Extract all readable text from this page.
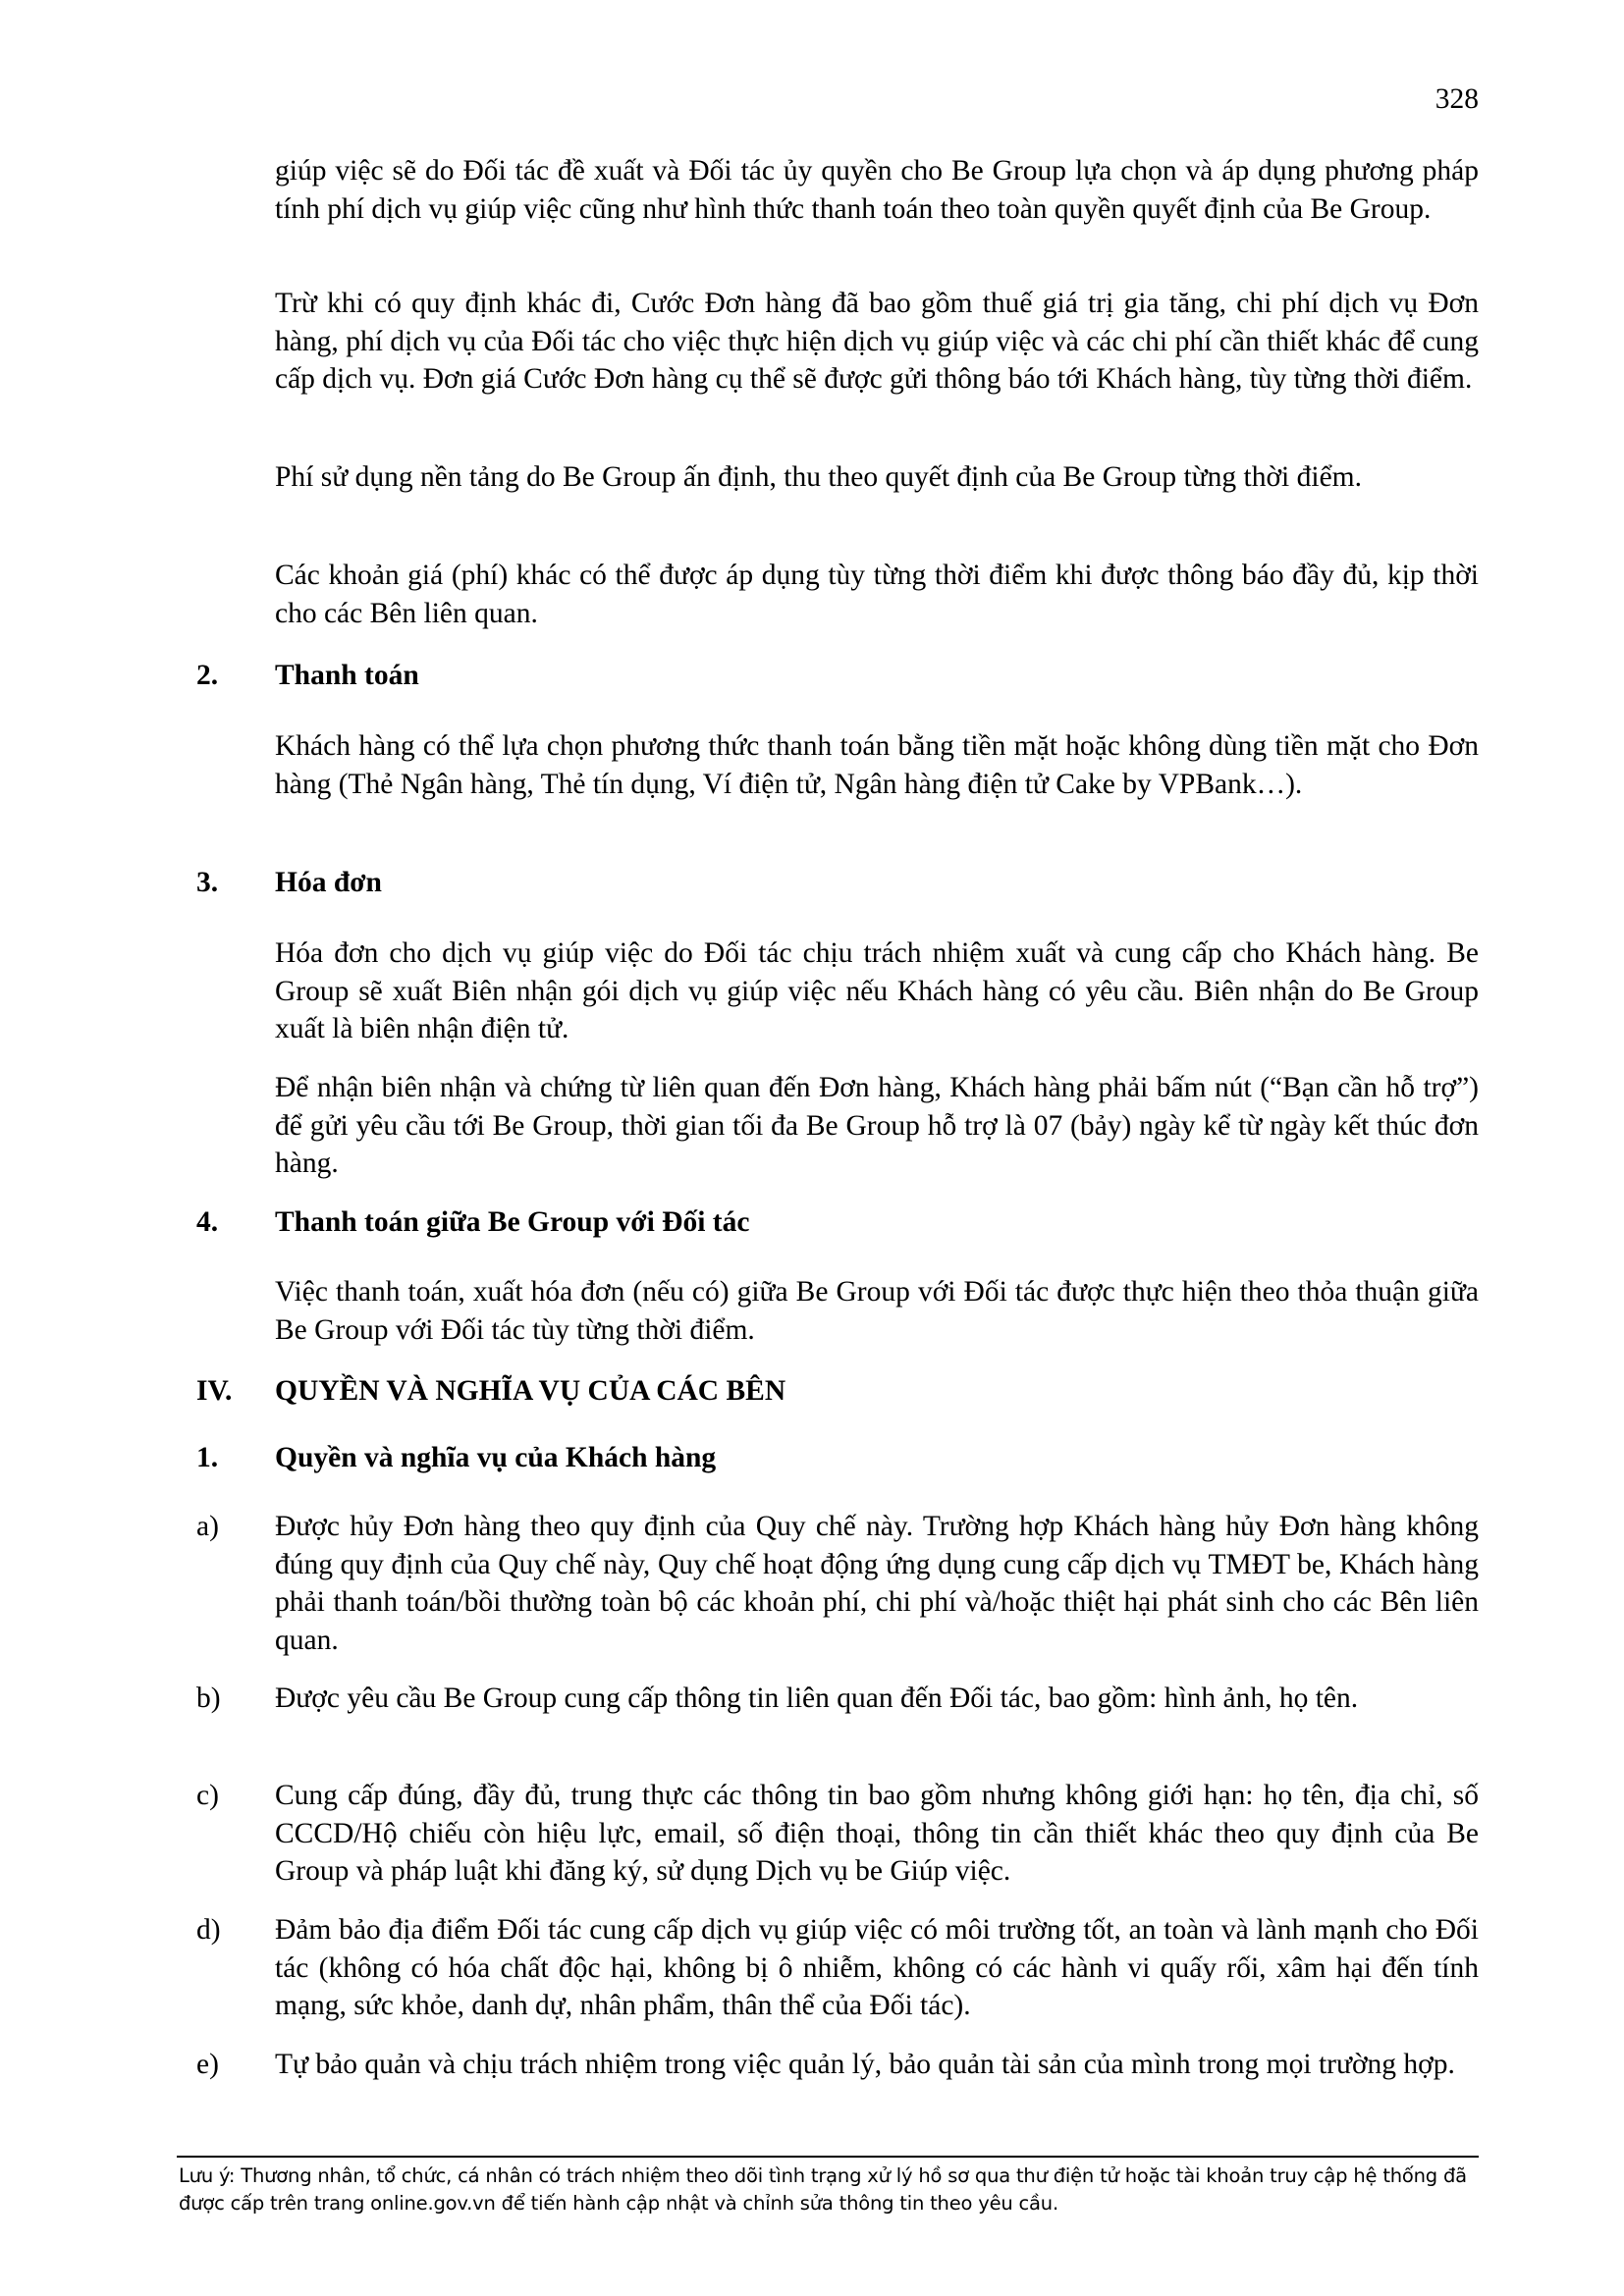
328

giúp việc sẽ do Đối tác đề xuất và Đối tác ủy quyền cho Be Group lựa chọn và áp dụng phương pháp tính phí dịch vụ giúp việc cũng như hình thức thanh toán theo toàn quyền quyết định của Be Group.

Trừ khi có quy định khác đi, Cước Đơn hàng đã bao gồm thuế giá trị gia tăng, chi phí dịch vụ Đơn hàng, phí dịch vụ của Đối tác cho việc thực hiện dịch vụ giúp việc và các chi phí cần thiết khác để cung cấp dịch vụ. Đơn giá Cước Đơn hàng cụ thể sẽ được gửi thông báo tới Khách hàng, tùy từng thời điểm.

Phí sử dụng nền tảng do Be Group ấn định, thu theo quyết định của Be Group từng thời điểm.

Các khoản giá (phí) khác có thể được áp dụng tùy từng thời điểm khi được thông báo đầy đủ, kịp thời cho các Bên liên quan.

2. Thanh toán

Khách hàng có thể lựa chọn phương thức thanh toán bằng tiền mặt hoặc không dùng tiền mặt cho Đơn hàng (Thẻ Ngân hàng, Thẻ tín dụng, Ví điện tử, Ngân hàng điện tử Cake by VPBank…).

3. Hóa đơn

Hóa đơn cho dịch vụ giúp việc do Đối tác chịu trách nhiệm xuất và cung cấp cho Khách hàng. Be Group sẽ xuất Biên nhận gói dịch vụ giúp việc nếu Khách hàng có yêu cầu. Biên nhận do Be Group xuất là biên nhận điện tử.

Để nhận biên nhận và chứng từ liên quan đến Đơn hàng, Khách hàng phải bấm nút (“Bạn cần hỗ trợ”) để gửi yêu cầu tới Be Group, thời gian tối đa Be Group hỗ trợ là 07 (bảy) ngày kể từ ngày kết thúc đơn hàng.

4. Thanh toán giữa Be Group với Đối tác

Việc thanh toán, xuất hóa đơn (nếu có) giữa Be Group với Đối tác được thực hiện theo thỏa thuận giữa Be Group với Đối tác tùy từng thời điểm.

IV. QUYỀN VÀ NGHĨA VỤ CỦA CÁC BÊN
1. Quyền và nghĩa vụ của Khách hàng
a) Được hủy Đơn hàng theo quy định của Quy chế này. Trường hợp Khách hàng hủy Đơn hàng không đúng quy định của Quy chế này, Quy chế hoạt động ứng dụng cung cấp dịch vụ TMĐT be, Khách hàng phải thanh toán/bồi thường toàn bộ các khoản phí, chi phí và/hoặc thiệt hại phát sinh cho các Bên liên quan.
b) Được yêu cầu Be Group cung cấp thông tin liên quan đến Đối tác, bao gồm: hình ảnh, họ tên.
c) Cung cấp đúng, đầy đủ, trung thực các thông tin bao gồm nhưng không giới hạn: họ tên, địa chỉ, số CCCD/Hộ chiếu còn hiệu lực, email, số điện thoại, thông tin cần thiết khác theo quy định của Be Group và pháp luật khi đăng ký, sử dụng Dịch vụ be Giúp việc.
d) Đảm bảo địa điểm Đối tác cung cấp dịch vụ giúp việc có môi trường tốt, an toàn và lành mạnh cho Đối tác (không có hóa chất độc hại, không bị ô nhiễm, không có các hành vi quấy rối, xâm hại đến tính mạng, sức khỏe, danh dự, nhân phẩm, thân thể của Đối tác).
e) Tự bảo quản và chịu trách nhiệm trong việc quản lý, bảo quản tài sản của mình trong mọi trường hợp.
Lưu ý: Thương nhân, tổ chức, cá nhân có trách nhiệm theo dõi tình trạng xử lý hồ sơ qua thư điện tử hoặc tài khoản truy cập hệ thống đã được cấp trên trang online.gov.vn để tiến hành cập nhật và chỉnh sửa thông tin theo yêu cầu.
